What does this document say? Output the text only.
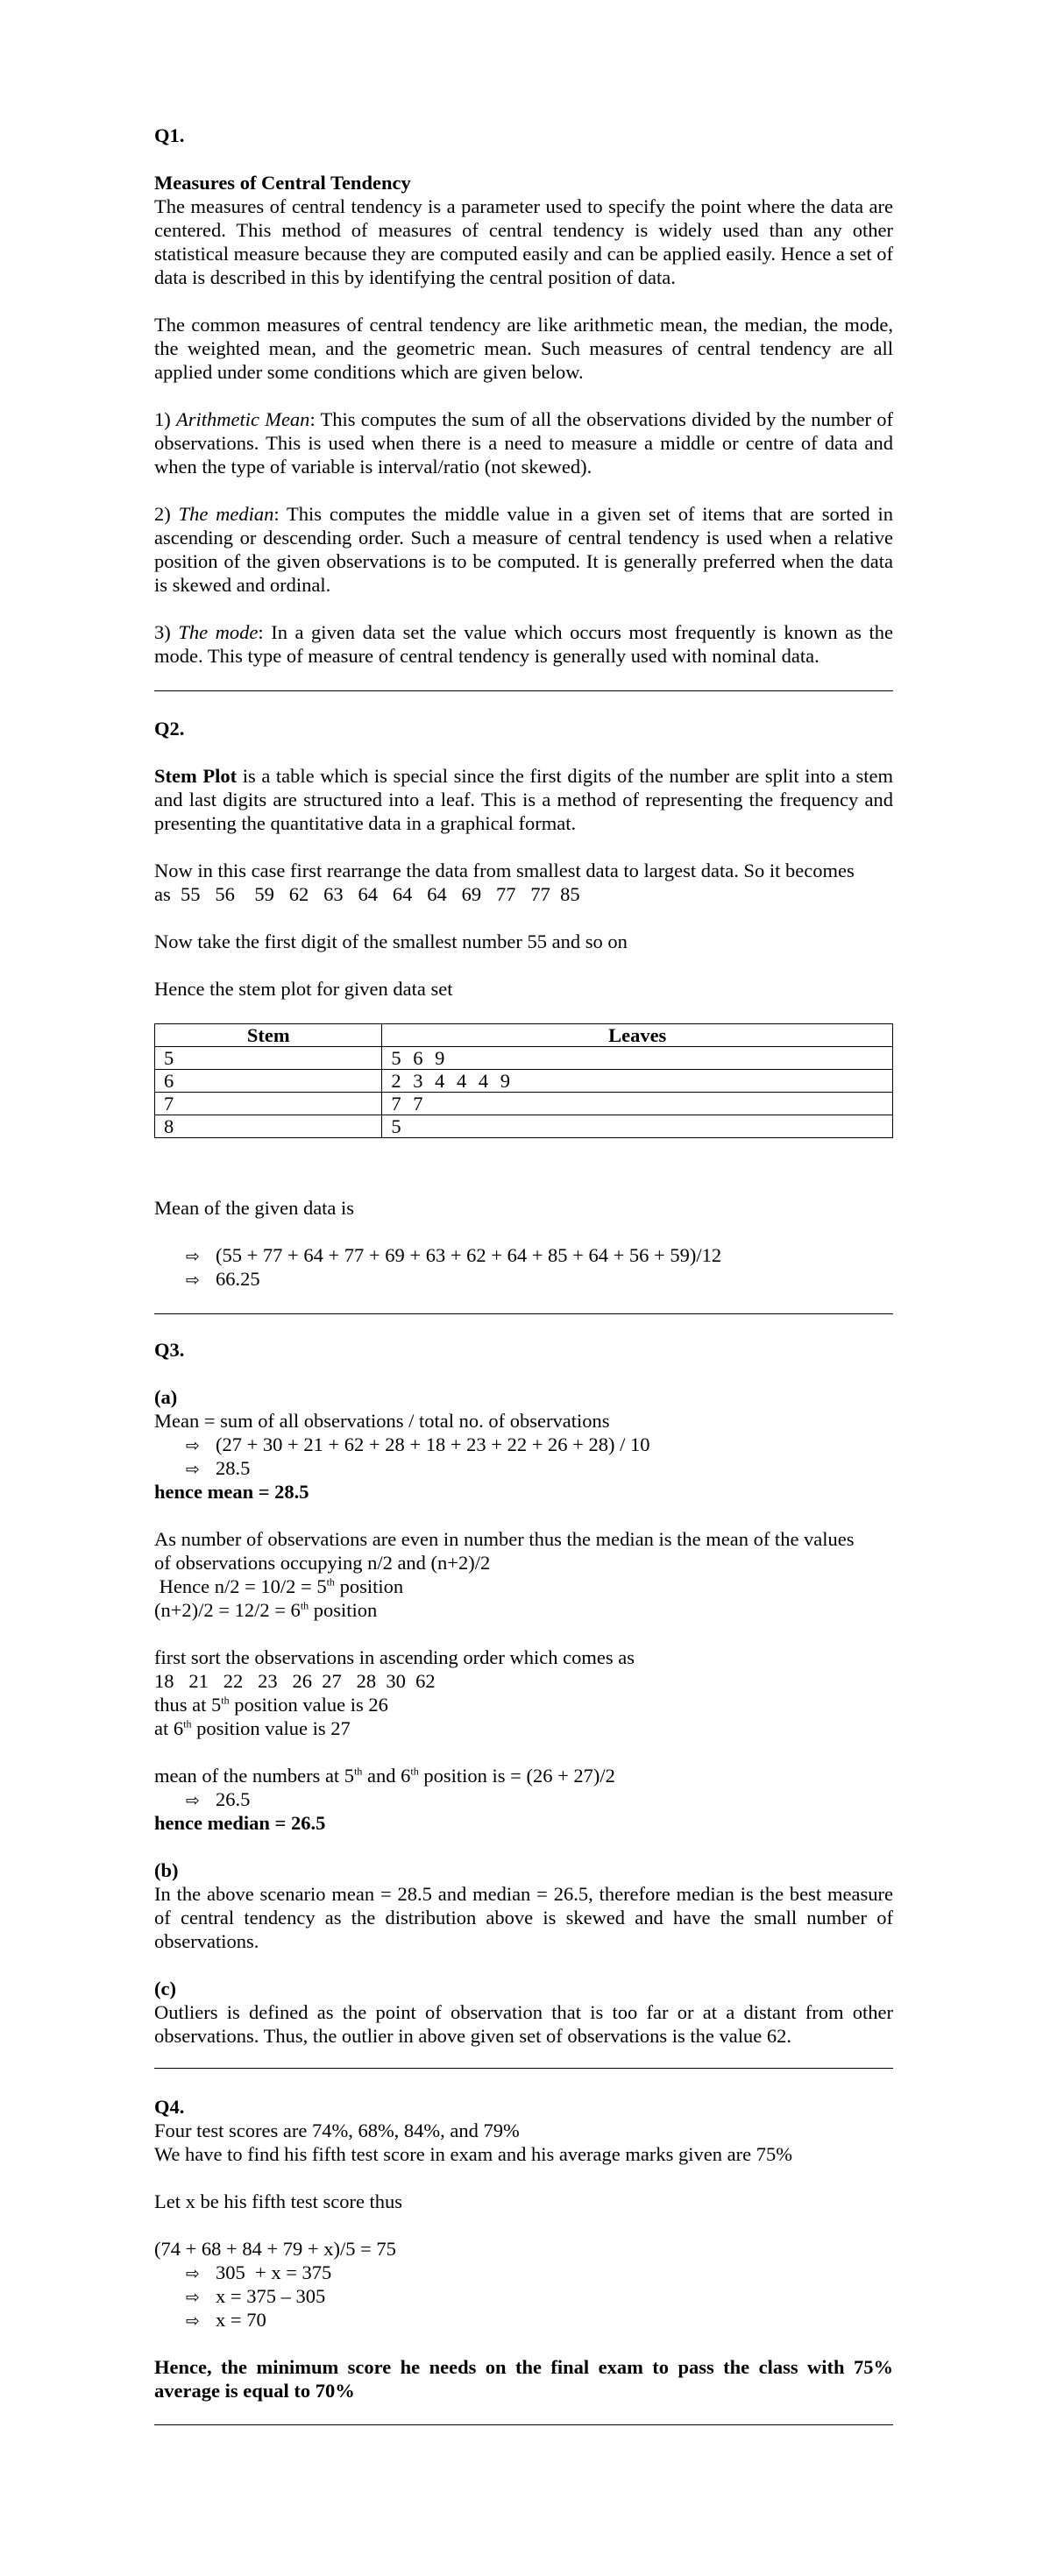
Q1.
Measures of Central Tendency

The measures of central tendency is a parameter used to specify the point where the data are centered. This method of measures of central tendency is widely used than any other statistical measure because they are computed easily and can be applied easily. Hence a set of data is described in this by identifying the central position of data.

The common measures of central tendency are like arithmetic mean, the median, the mode, the weighted mean, and the geometric mean. Such measures of central tendency are all applied under some conditions which are given below.

1) Arithmetic Mean: This computes the sum of all the observations divided by the number of observations. This is used when there is a need to measure a middle or centre of data and when the type of variable is interval/ratio (not skewed).

2) The median: This computes the middle value in a given set of items that are sorted in ascending or descending order. Such a measure of central tendency is used when a relative position of the given observations is to be computed. It is generally preferred when the data is skewed and ordinal.

3) The mode: In a given data set the value which occurs most frequently is known as the mode. This type of measure of central tendency is generally used with nominal data.

Q2.

Stem Plot is a table which is special since the first digits of the number are split into a stem and last digits are structured into a leaf. This is a method of representing the frequency and presenting the quantitative data in a graphical format.

Now in this case first rearrange the data from smallest data to largest data. So it becomes
as  55   56    59   62   63   64   64   64   69   77   77  85
Now take the first digit of the smallest number 55 and so on
Hence the stem plot for given data set
Stem	Leaves
5	5 6 9
6	2 3 4 4 4 9
7	7 7
8	5
Mean of the given data is
⇨ (55 + 77 + 64 + 77 + 69 + 63 + 62 + 64 + 85 + 64 + 56 + 59)/12
⇨ 66.25
Q3.
(a)
Mean = sum of all observations / total no. of observations
⇨ (27 + 30 + 21 + 62 + 28 + 18 + 23 + 22 + 26 + 28) / 10
⇨ 28.5
hence mean = 28.5
As number of observations are even in number thus the median is the mean of the values
of observations occupying n/2 and (n+2)/2
Hence n/2 = 10/2 = 5th position
(n+2)/2 = 12/2 = 6th position
first sort the observations in ascending order which comes as
18   21   22   23   26  27   28  30  62
thus at 5th position value is 26
at 6th position value is 27
mean of the numbers at 5th and 6th position is = (26 + 27)/2
⇨ 26.5
hence median = 26.5
(b)

In the above scenario mean = 28.5 and median = 26.5, therefore median is the best measure of central tendency as the distribution above is skewed and have the small number of observations.

(c)

Outliers is defined as the point of observation that is too far or at a distant from other observations. Thus, the outlier in above given set of observations is the value 62.

Q4.
Four test scores are 74%, 68%, 84%, and 79%
We have to find his fifth test score in exam and his average marks given are 75%
Let x be his fifth test score thus
(74 + 68 + 84 + 79 + x)/5 = 75
⇨ 305  + x = 375
⇨ x = 375 – 305
⇨ x = 70

Hence, the minimum score he needs on the final exam to pass the class with 75% average is equal to 70%
